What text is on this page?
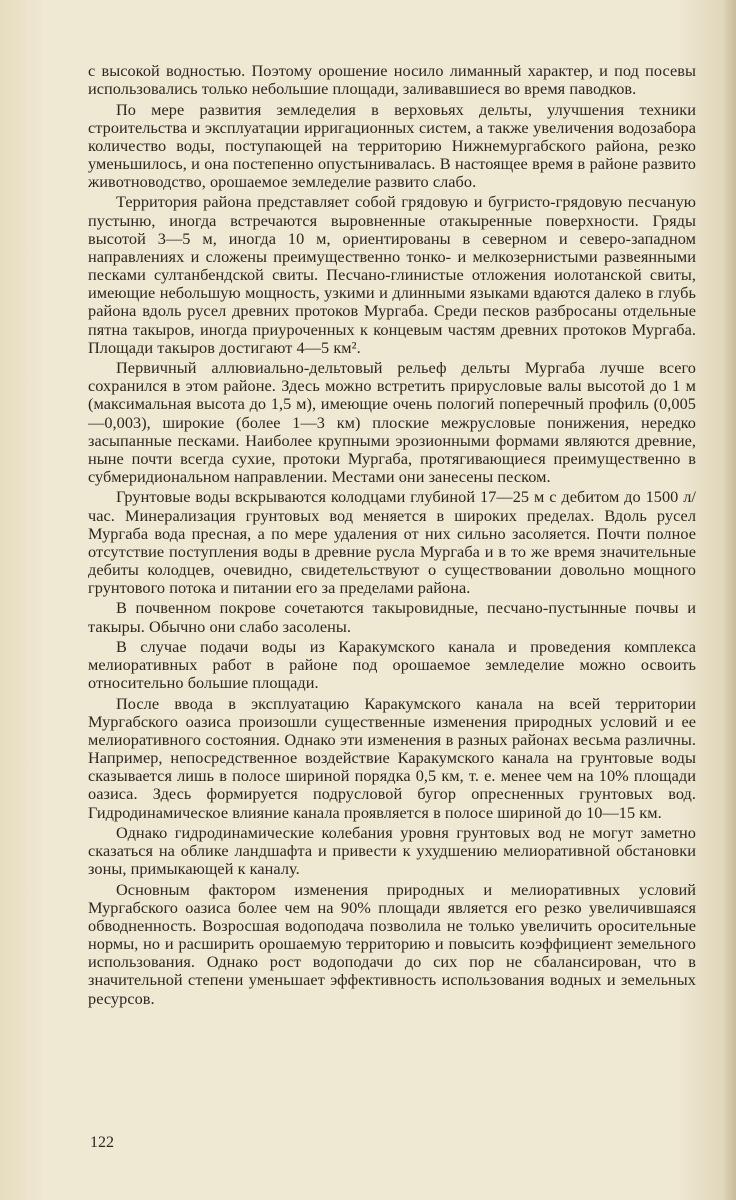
с высокой водностью. Поэтому орошение носило лиманный характер, и под посевы использовались только небольшие площади, заливавшиеся во время паводков.

По мере развития земледелия в верховьях дельты, улучшения техники строительства и эксплуатации ирригационных систем, а также увеличения водозабора количество воды, поступающей на территорию Нижнемургабского района, резко уменьшилось, и она постепенно опустынивалась. В настоящее время в районе развито животноводство, орошаемое земледелие развито слабо.

Территория района представляет собой грядовую и бугристо-грядовую песчаную пустыню, иногда встречаются выровненные отакыренные поверхности. Гряды высотой 3—5 м, иногда 10 м, ориентированы в северном и северо-западном направлениях и сложены преимущественно тонко- и мелкозернистыми развеянными песками султанбендской свиты. Песчано-глинистые отложения иолотанской свиты, имеющие небольшую мощность, узкими и длинными языками вдаются далеко в глубь района вдоль русел древних протоков Мургаба. Среди песков разбросаны отдельные пятна такыров, иногда приуроченных к концевым частям древних протоков Мургаба. Площади такыров достигают 4—5 км².

Первичный аллювиально-дельтовый рельеф дельты Мургаба лучше всего сохранился в этом районе. Здесь можно встретить прирусловые валы высотой до 1 м (максимальная высота до 1,5 м), имеющие очень пологий поперечный профиль (0,005—0,003), широкие (более 1—3 км) плоские межрусловые понижения, нередко засыпанные песками. Наиболее крупными эрозионными формами являются древние, ныне почти всегда сухие, протоки Мургаба, протягивающиеся преимущественно в субмеридиональном направлении. Местами они занесены песком.

Грунтовые воды вскрываются колодцами глубиной 17—25 м с дебитом до 1500 л/час. Минерализация грунтовых вод меняется в широких пределах. Вдоль русел Мургаба вода пресная, а по мере удаления от них сильно засоляется. Почти полное отсутствие поступления воды в древние русла Мургаба и в то же время значительные дебиты колодцев, очевидно, свидетельствуют о существовании довольно мощного грунтового потока и питании его за пределами района.

В почвенном покрове сочетаются такыровидные, песчано-пустынные почвы и такыры. Обычно они слабо засолены.

В случае подачи воды из Каракумского канала и проведения комплекса мелиоративных работ в районе под орошаемое земледелие можно освоить относительно большие площади.

После ввода в эксплуатацию Каракумского канала на всей территории Мургабского оазиса произошли существенные изменения природных условий и ее мелиоративного состояния. Однако эти изменения в разных районах весьма различны. Например, непосредственное воздействие Каракумского канала на грунтовые воды сказывается лишь в полосе шириной порядка 0,5 км, т. е. менее чем на 10% площади оазиса. Здесь формируется подрусловой бугор опресненных грунтовых вод. Гидродинамическое влияние канала проявляется в полосе шириной до 10—15 км.

Однако гидродинамические колебания уровня грунтовых вод не могут заметно сказаться на облике ландшафта и привести к ухудшению мелиоративной обстановки зоны, примыкающей к каналу.

Основным фактором изменения природных и мелиоративных условий Мургабского оазиса более чем на 90% площади является его резко увеличившаяся обводненность. Возросшая водоподача позволила не только увеличить оросительные нормы, но и расширить орошаемую территорию и повысить коэффициент земельного использования. Однако рост водоподачи до сих пор не сбалансирован, что в значительной степени уменьшает эффективность использования водных и земельных ресурсов.

122
